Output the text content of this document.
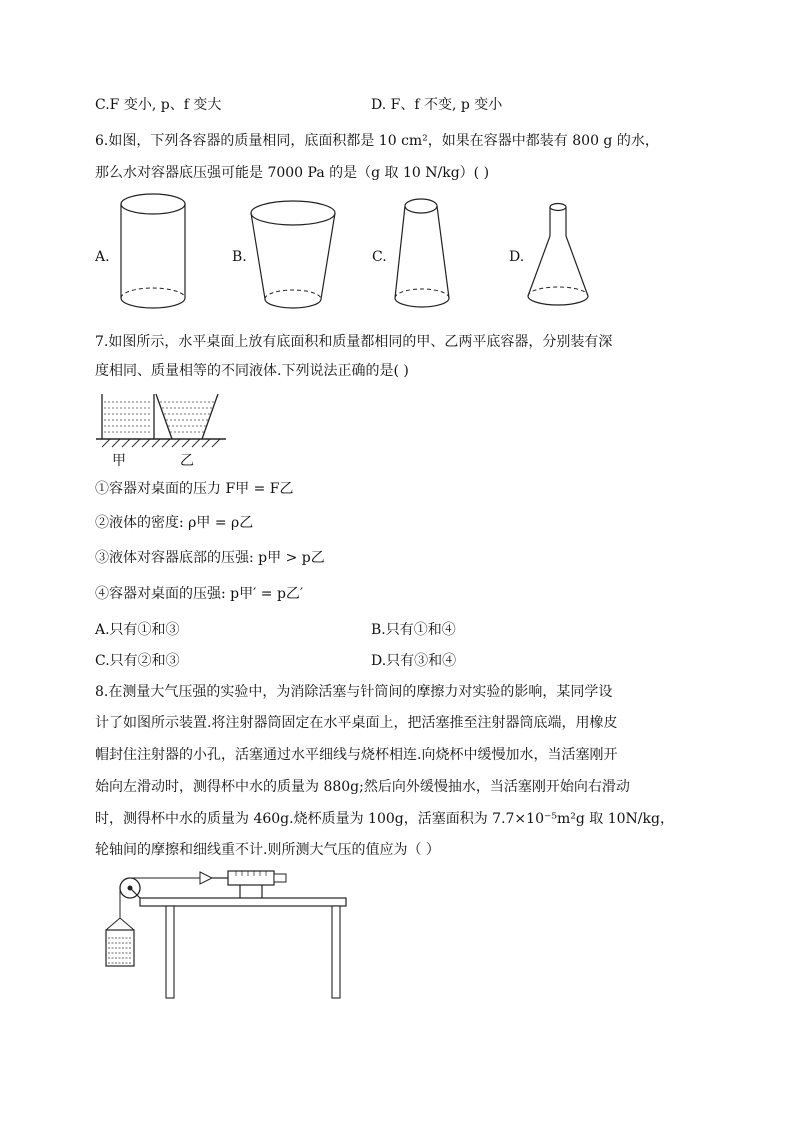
C.F 变小, p、f 变大	D. F、f 不变, p 变小
6.如图，下列各容器的质量相同，底面积都是 10 cm²，如果在容器中都装有 800 g 的水，
那么水对容器底压强可能是 7000 Pa 的是（g 取 10 N/kg）( )
A.	B.	C.	D.
7.如图所示，水平桌面上放有底面积和质量都相同的甲、乙两平底容器，分别装有深
度相同、质量相等的不同液体.下列说法正确的是( )
甲	乙
①容器对桌面的压力 F甲 = F乙
②液体的密度: ρ甲 = ρ乙
③液体对容器底部的压强: p甲 > p乙
④容器对桌面的压强: p甲′ = p乙′
A.只有①和③	B.只有①和④
C.只有②和③	D.只有③和④
8.在测量大气压强的实验中，为消除活塞与针筒间的摩擦力对实验的影响，某同学设
计了如图所示装置.将注射器筒固定在水平桌面上，把活塞推至注射器筒底端，用橡皮
帽封住注射器的小孔，活塞通过水平细线与烧杯相连.向烧杯中缓慢加水，当活塞刚开
始向左滑动时，测得杯中水的质量为 880g;然后向外缓慢抽水，当活塞刚开始向右滑动
时，测得杯中水的质量为 460g.烧杯质量为 100g，活塞面积为 7.7×10⁻⁵m²g 取 10N/kg，
轮轴间的摩擦和细线重不计.则所测大气压的值应为（ ）
